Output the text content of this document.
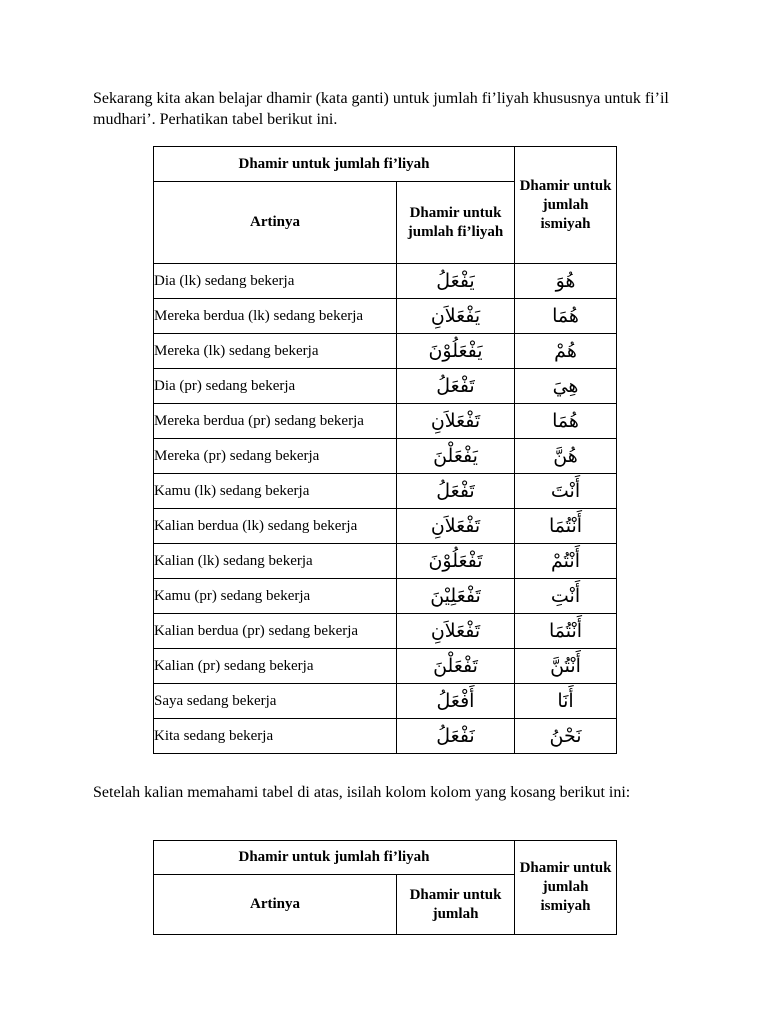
Sekarang kita akan belajar dhamir (kata ganti) untuk jumlah fi’liyah khususnya untuk fi’il mudhari’. Perhatikan tabel berikut ini.

Dhamir untuk jumlah fi’liyah		Dhamir untuk jumlah ismiyah
Artinya	Dhamir untuk jumlah fi’liyah	
Dia (lk) sedang bekerja	يَفْعَلُ	هُوَ
Mereka berdua (lk) sedang bekerja	يَفْعَلاَنِ	هُمَا
Mereka (lk) sedang bekerja	يَفْعَلُوْنَ	هُمْ
Dia (pr) sedang bekerja	تَفْعَلُ	هِيَ
Mereka berdua (pr) sedang bekerja	تَفْعَلاَنِ	هُمَا
Mereka (pr) sedang bekerja	يَفْعَلْنَ	هُنَّ
Kamu (lk) sedang bekerja	تَفْعَلُ	أَنْتَ
Kalian berdua (lk) sedang bekerja	تَفْعَلاَنِ	أَنْتُمَا
Kalian (lk) sedang bekerja	تَفْعَلُوْنَ	أَنْتُمْ
Kamu (pr) sedang bekerja	تَفْعَلِيْنَ	أَنْتِ
Kalian berdua (pr) sedang bekerja	تَفْعَلاَنِ	أَنْتُمَا
Kalian (pr) sedang bekerja	تَفْعَلْنَ	أَنْتُنَّ
Saya sedang bekerja	أَفْعَلُ	أَنَا
Kita sedang bekerja	نَفْعَلُ	نَحْنُ

Setelah kalian memahami tabel di atas, isilah kolom kolom yang kosang berikut ini:

Dhamir untuk jumlah fi’liyah		Dhamir untuk jumlah ismiyah
Artinya	Dhamir untuk jumlah	
